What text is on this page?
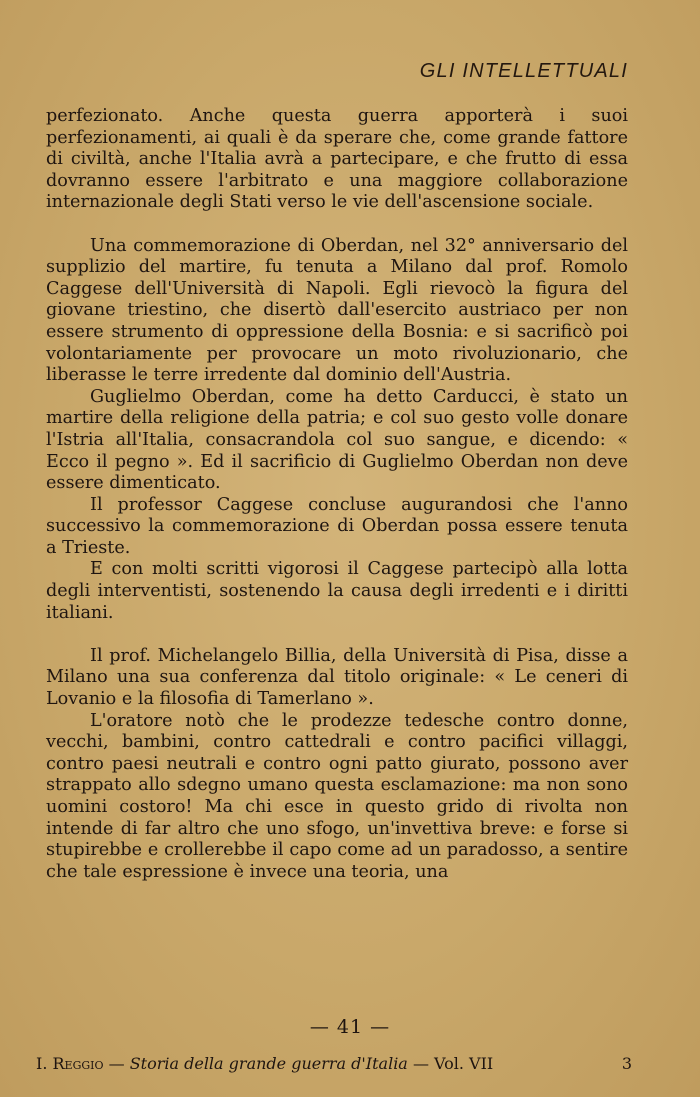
GLI INTELLETTUALI

perfezionato. Anche questa guerra apporterà i suoi perfezionamenti, ai quali è da sperare che, come grande fattore di civiltà, anche l'Italia avrà a partecipare, e che frutto di essa dovranno essere l'arbitrato e una maggiore collaborazione internazionale degli Stati verso le vie dell'ascensione sociale.

Una commemorazione di Oberdan, nel 32° anniversario del supplizio del martire, fu tenuta a Milano dal prof. Romolo Caggese dell'Università di Napoli. Egli rievocò la figura del giovane triestino, che disertò dall'esercito austriaco per non essere strumento di oppressione della Bosnia: e si sacrificò poi volontariamente per provocare un moto rivoluzionario, che liberasse le terre irredente dal dominio dell'Austria.

Guglielmo Oberdan, come ha detto Carducci, è stato un martire della religione della patria; e col suo gesto volle donare l'Istria all'Italia, consacrandola col suo sangue, e dicendo: « Ecco il pegno ». Ed il sacrificio di Guglielmo Oberdan non deve essere dimenticato.

Il professor Caggese concluse augurandosi che l'anno successivo la commemorazione di Oberdan possa essere tenuta a Trieste.

E con molti scritti vigorosi il Caggese partecipò alla lotta degli interventisti, sostenendo la causa degli irredenti e i diritti italiani.

Il prof. Michelangelo Billia, della Università di Pisa, disse a Milano una sua conferenza dal titolo originale: « Le ceneri di Lovanio e la filosofia di Tamerlano ».

L'oratore notò che le prodezze tedesche contro donne, vecchi, bambini, contro cattedrali e contro pacifici villaggi, contro paesi neutrali e contro ogni patto giurato, possono aver strappato allo sdegno umano questa esclamazione: ma non sono uomini costoro! Ma chi esce in questo grido di rivolta non intende di far altro che uno sfogo, un'invettiva breve: e forse si stupirebbe e crollerebbe il capo come ad un paradosso, a sentire che tale espressione è invece una teoria, una

— 41 —
I. Reggio — Storia della grande guerra d'Italia — Vol. VII	3
